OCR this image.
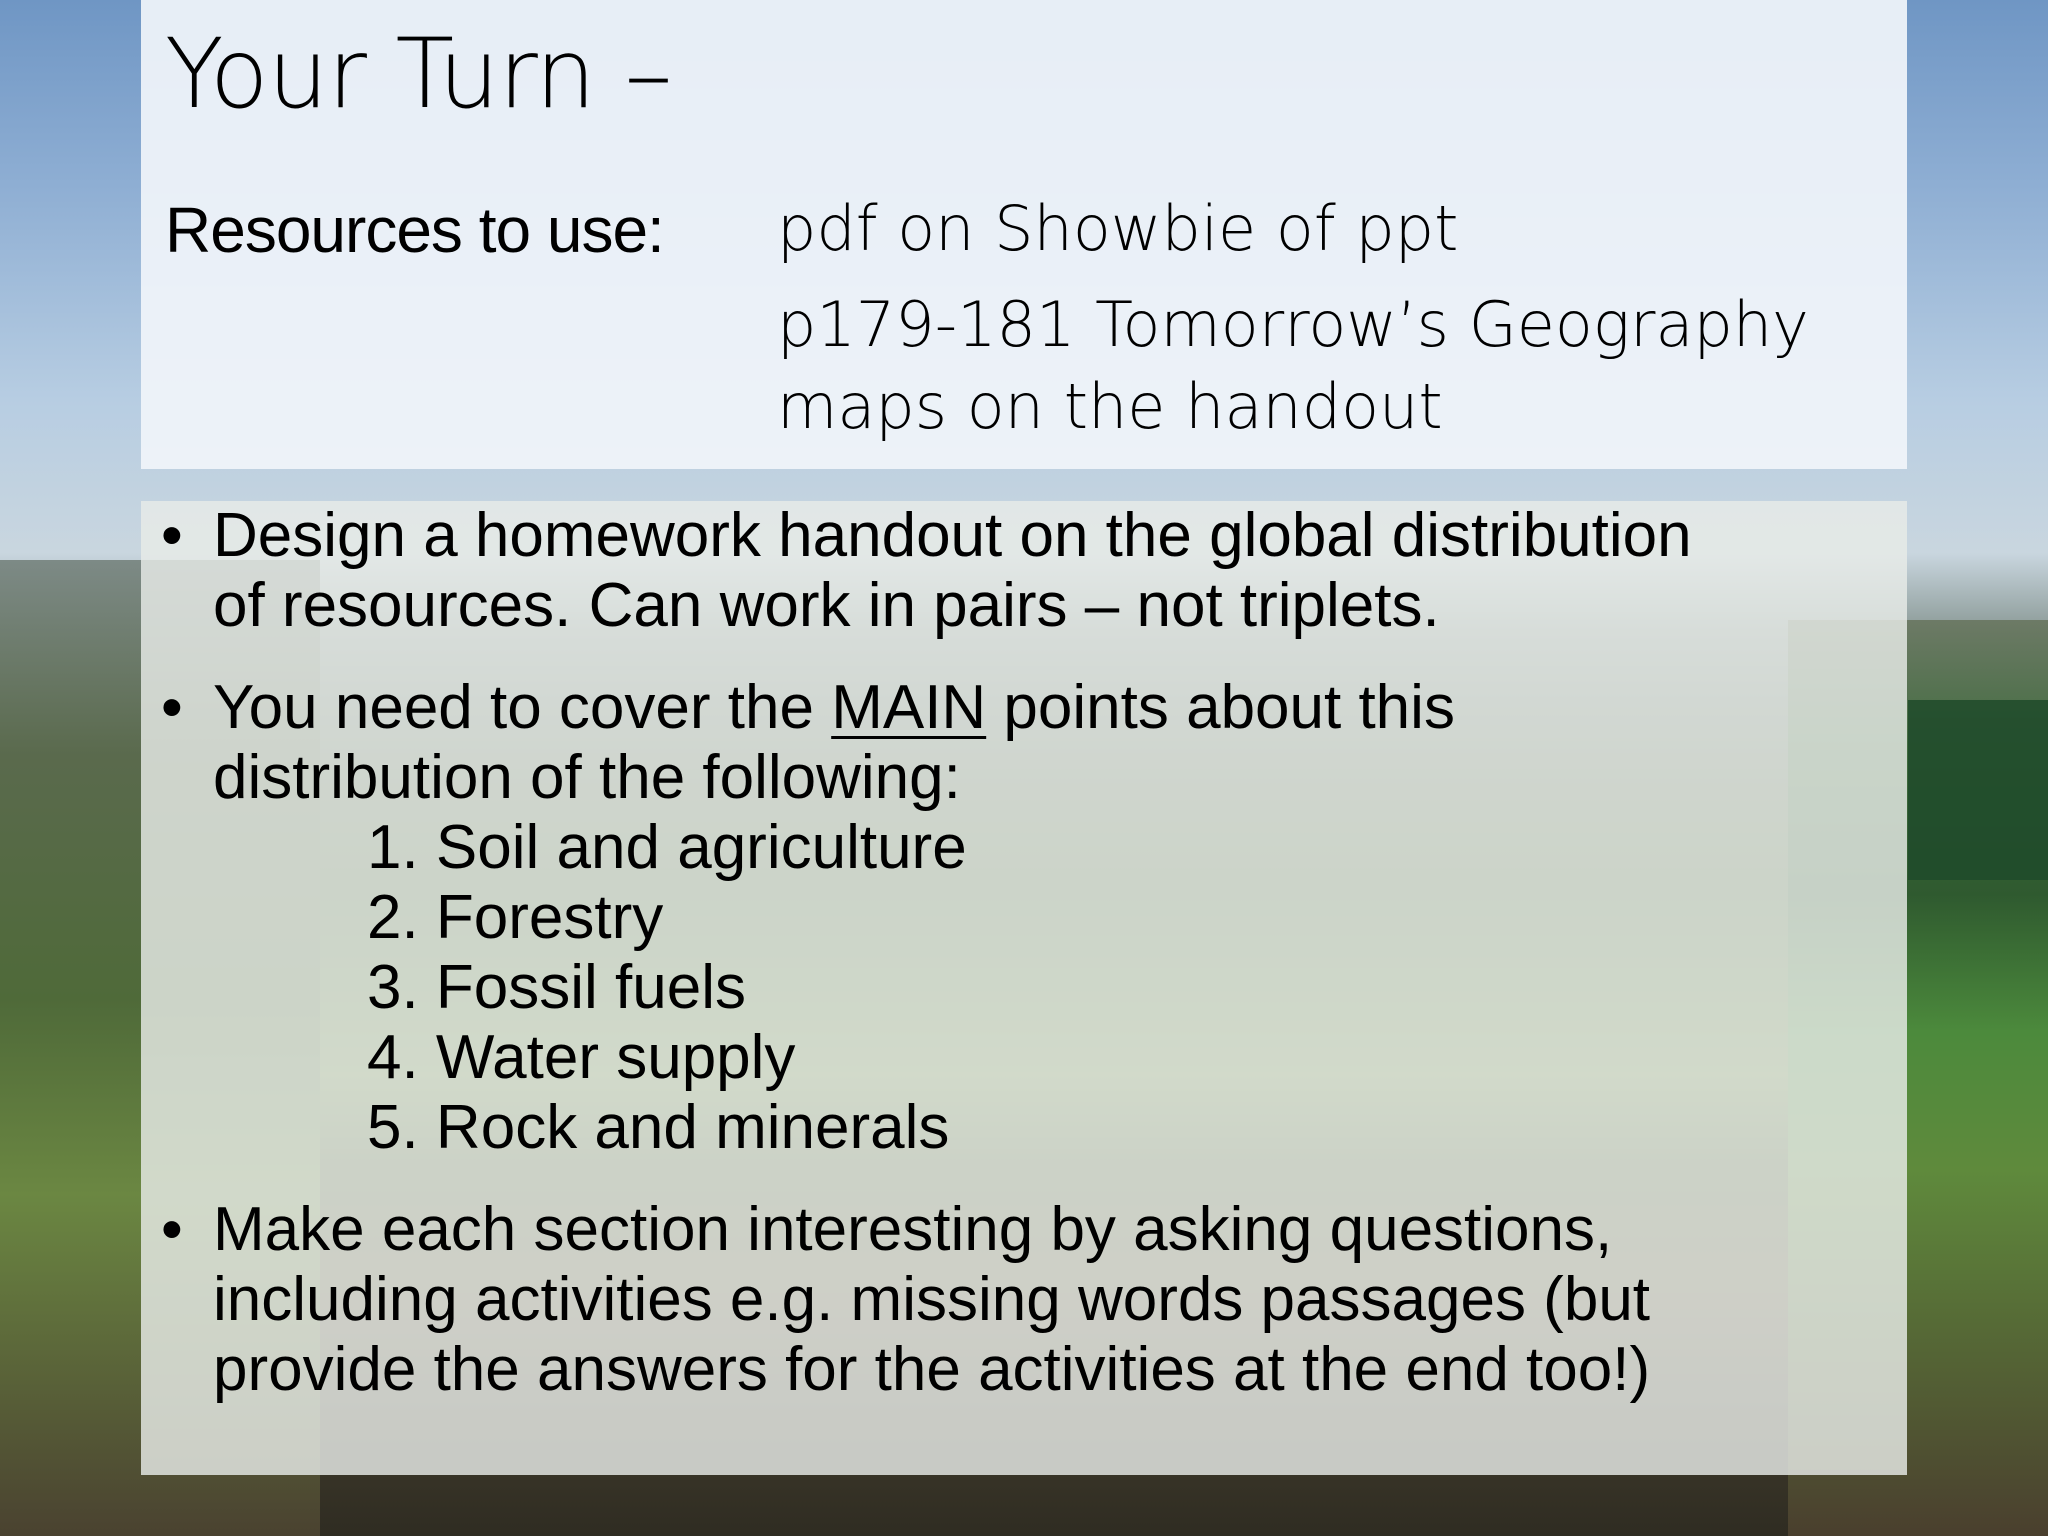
Your Turn –
Resources to use: pdf on Showbie of ppt
p179-181 Tomorrow’s Geography
maps on the handout
• Design a homework handout on the global distribution
of resources. Can work in pairs – not triplets.
• You need to cover the MAIN points about this
distribution of the following:
1. Soil and agriculture
2. Forestry
3. Fossil fuels
4. Water supply
5. Rock and minerals
• Make each section interesting by asking questions,
including activities e.g. missing words passages (but
provide the answers for the activities at the end too!)
